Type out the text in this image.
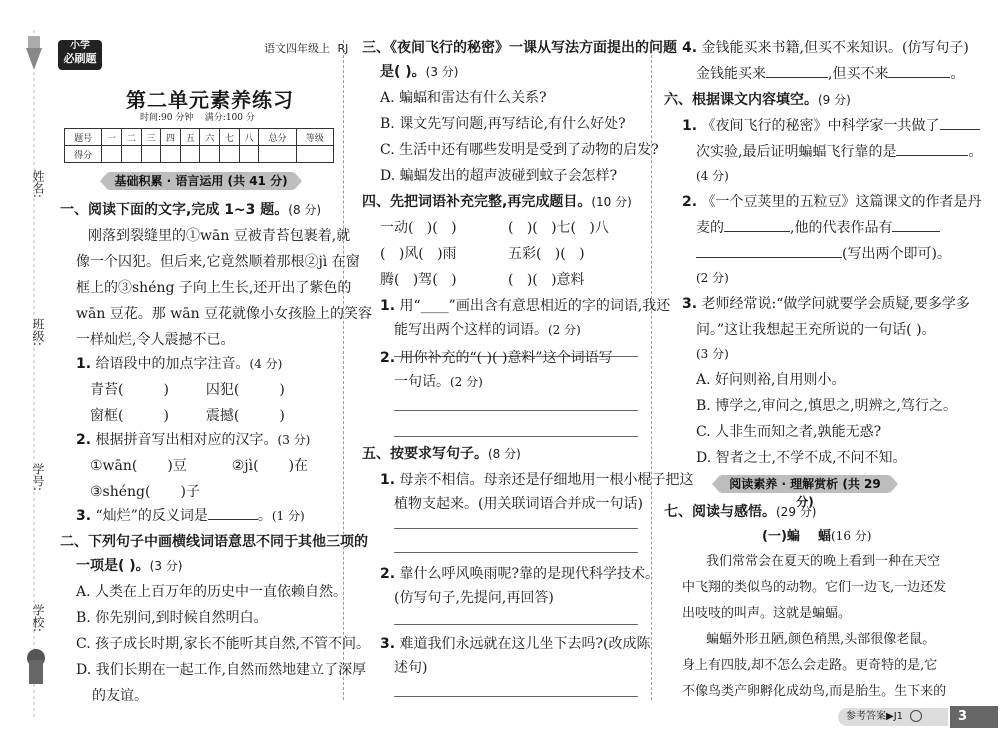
姓名:
班级:
学号:
学校:
小学
必刷题
语文四年级上 RJ
第二单元素养练习
时间:90 分钟    满分:100 分
题号	一	二	三	四	五	六	七	八	总分	等级
得分										
基础积累 · 语言运用 (共 41 分)
一、阅读下面的文字,完成 1~3 题。(8 分)
刚落到裂缝里的①wān 豆被青苔包裹着,就
像一个囚犯。但后来,它竟然顺着那根②jì 在窗
框上的③shéng 子向上生长,还开出了紫色的
wān 豆花。那 wān 豆花就像小女孩脸上的笑容
一样灿烂,令人震撼不已。
1. 给语段中的加点字注音。(4 分)
青苔(	)	囚犯(	)
窗框(	)	震撼(	)
2. 根据拼音写出相对应的汉字。(3 分)
①wān( )豆	②jì( )在
③shéng( )子
3. “灿烂”的反义词是	。(1 分)
二、下列句子中画横线词语意思不同于其他三项的
一项是( )。(3 分)
A. 人类在上百万年的历史中一直依赖自然。
B. 你先别问,到时候自然明白。
C. 孩子成长时期,家长不能听其自然,不管不问。
D. 我们长期在一起工作,自然而然地建立了深厚
的友谊。
三、《夜间飞行的秘密》一课从写法方面提出的问题
是( )。(3 分)
A. 蝙蝠和雷达有什么关系?
B. 课文先写问题,再写结论,有什么好处?
C. 生活中还有哪些发明是受到了动物的启发?
D. 蝙蝠发出的超声波碰到蚊子会怎样?
四、先把词语补充完整,再完成题目。(10 分)
一动(   )(   )	(   )(   )七(   )八
(   )风(   )雨	五彩(   )(   )
腾(   )驾(   )	(   )(   )意料
1. 用“____”画出含有意思相近的字的词语,我还
能写出两个这样的词语。(2 分)
2. 用你补充的“( )( )意料”这个词语写
一句话。(2 分)
五、按要求写句子。(8 分)
1. 母亲不相信。母亲还是仔细地用一根小棍子把这
植物支起来。(用关联词语合并成一句话)
2. 靠什么呼风唤雨呢?靠的是现代科学技术。
(仿写句子,先提问,再回答)
3. 难道我们永远就在这儿坐下去吗?(改成陈
述句)
4. 金钱能买来书籍,但买不来知识。(仿写句子)
金钱能买来	,但买不来	。
六、根据课文内容填空。(9 分)
1. 《夜间飞行的秘密》中科学家一共做了
次实验,最后证明蝙蝠飞行靠的是	。
(4 分)
2. 《一个豆荚里的五粒豆》这篇课文的作者是丹
麦的	,他的代表作品有
(写出两个即可)。
(2 分)
3. 老师经常说:“做学问就要学会质疑,要多学多
问。”这让我想起王充所说的一句话( )。
(3 分)
A. 好问则裕,自用则小。
B. 博学之,审问之,慎思之,明辨之,笃行之。
C. 人非生而知之者,孰能无惑?
D. 智者之士,不学不成,不问不知。
阅读素养 · 理解赏析 (共 29 分)
七、阅读与感悟。(29 分)
(一)蝙    蝠(16 分)
我们常常会在夏天的晚上看到一种在天空
中飞翔的类似鸟的动物。它们一边飞,一边还发
出吱吱的叫声。这就是蝙蝠。
蝙蝠外形丑陋,颜色稍黑,头部很像老鼠。
身上有四肢,却不怎么会走路。更奇特的是,它
不像鸟类产卵孵化成幼鸟,而是胎生。生下来的
参考答案▶J1	3
